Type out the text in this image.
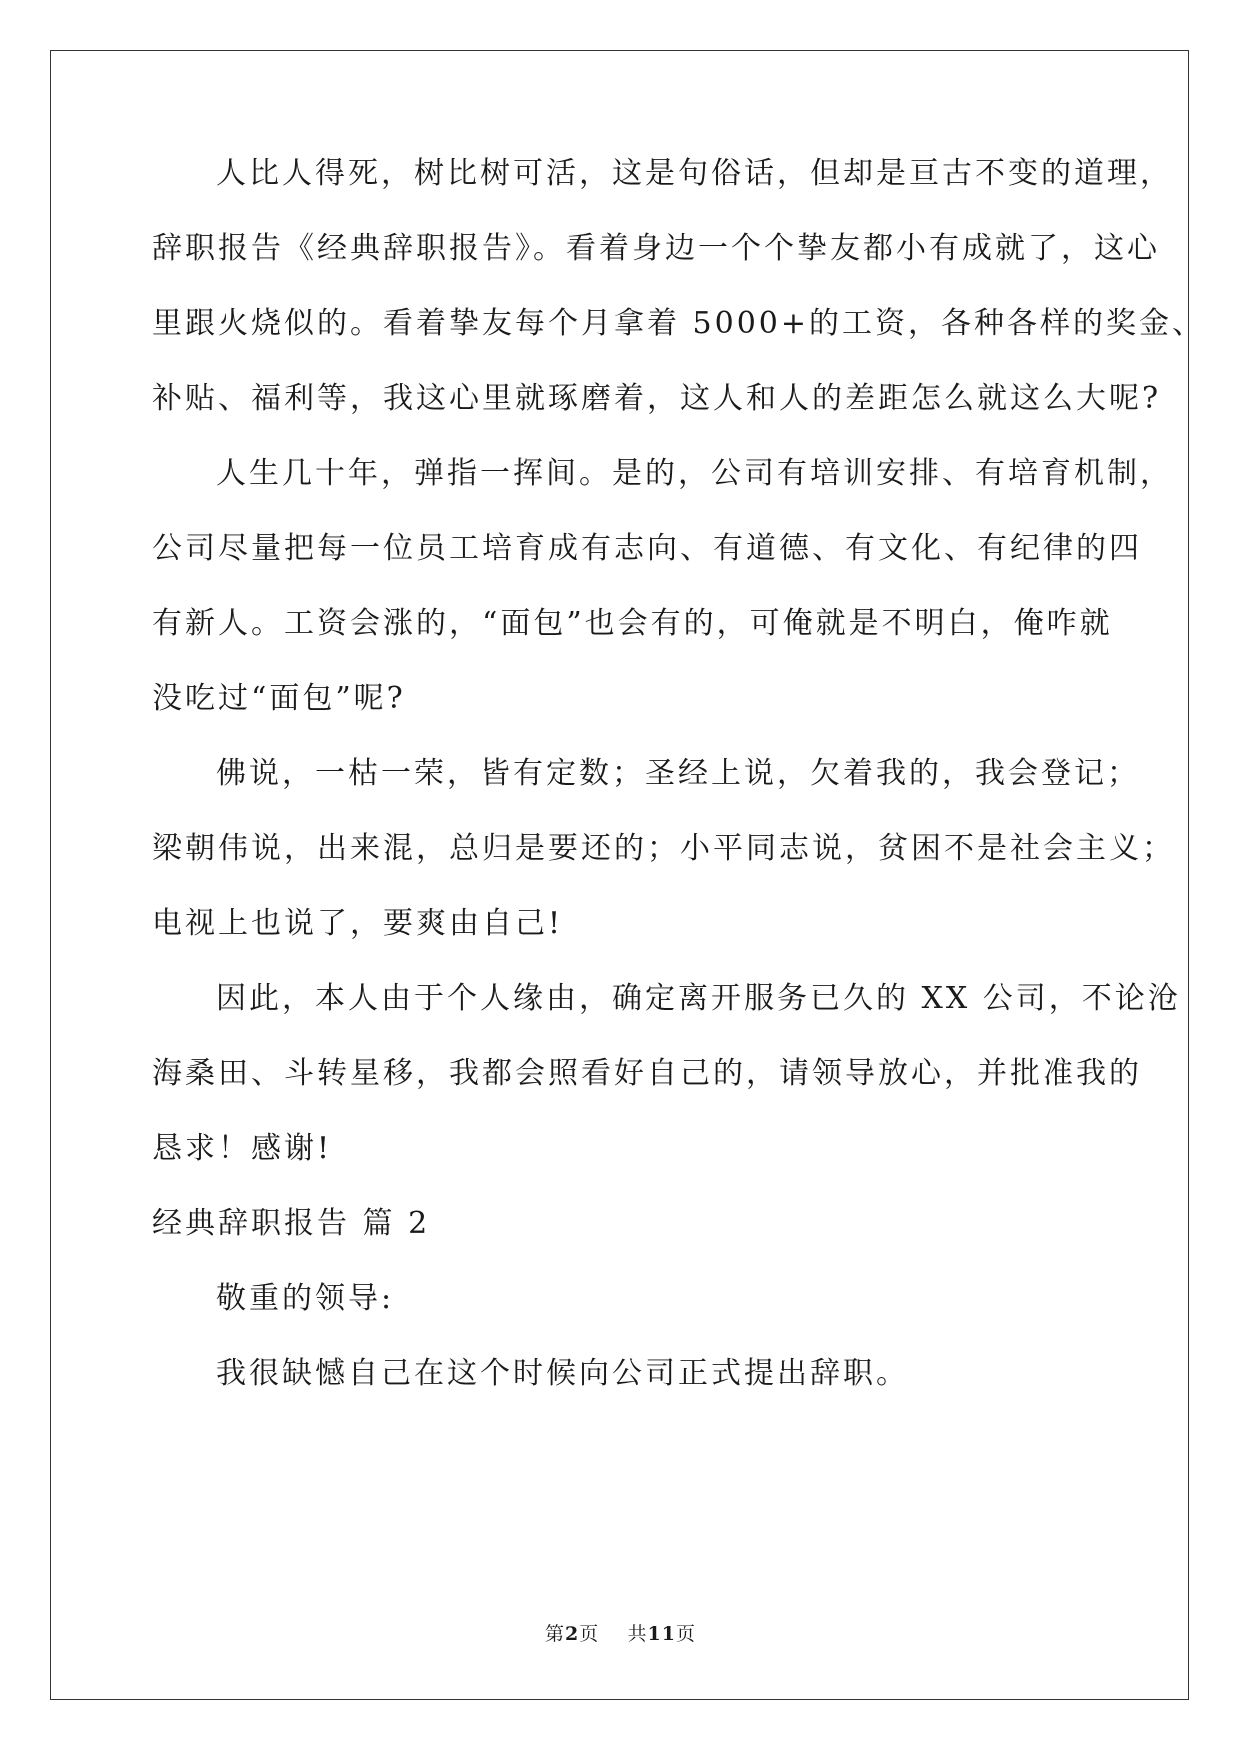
人比人得死，树比树可活，这是句俗话，但却是亘古不变的道理，
辞职报告《经典辞职报告》。看着身边一个个挚友都小有成就了，这心
里跟火烧似的。看着挚友每个月拿着 5000+的工资，各种各样的奖金、
补贴、福利等，我这心里就琢磨着，这人和人的差距怎么就这么大呢?
人生几十年，弹指一挥间。是的，公司有培训安排、有培育机制，
公司尽量把每一位员工培育成有志向、有道德、有文化、有纪律的四
有新人。工资会涨的，“面包”也会有的，可俺就是不明白，俺咋就
没吃过“面包”呢?
佛说，一枯一荣，皆有定数；圣经上说，欠着我的，我会登记；
梁朝伟说，出来混，总归是要还的；小平同志说，贫困不是社会主义；
电视上也说了，要爽由自己!
因此，本人由于个人缘由，确定离开服务已久的 XX 公司，不论沧
海桑田、斗转星移，我都会照看好自己的，请领导放心，并批准我的
恳求！感谢!
经典辞职报告 篇 2
敬重的领导:
我很缺憾自己在这个时候向公司正式提出辞职。
第2页 共11页
